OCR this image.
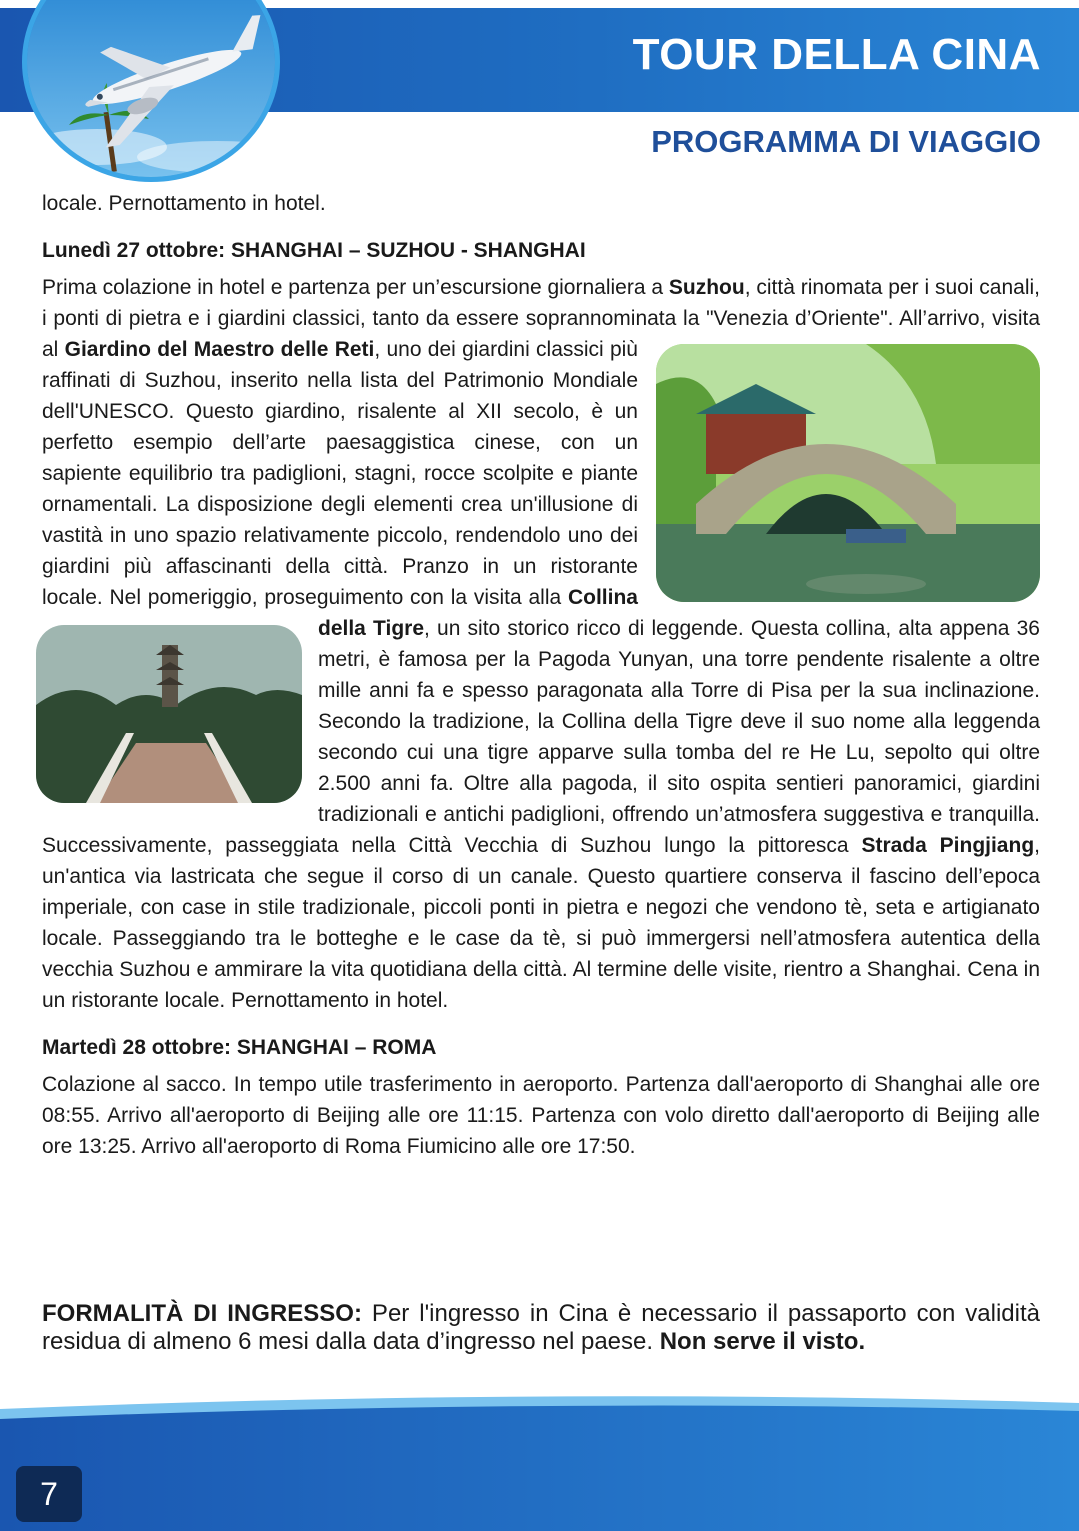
TOUR DELLA CINA
PROGRAMMA DI VIAGGIO

locale. Pernottamento in hotel.

Lunedì 27 ottobre: SHANGHAI – SUZHOU - SHANGHAI

Prima colazione in hotel e partenza per un’escursione giornaliera a Suzhou, città rinomata per i suoi canali, i ponti di pietra e i giardini classici, tanto da essere soprannominata la "Venezia d’Oriente". All’arrivo, visita al Giardino del Maestro delle Reti
, uno dei giardini classici più raffinati di Suzhou, inserito nella lista del Patrimonio Mondiale dell'UNESCO. Questo giardino, risalente al XII secolo, è un perfetto esempio dell’arte paesaggistica cinese, con un sapiente equilibrio tra padiglioni, stagni, rocce scolpite e piante ornamentali. La disposizione degli elementi crea un'illusione di vastità in uno spazio relativamente piccolo, rendendolo uno dei giardini più affascinanti della città. Pranzo in un ristorante locale. Nel pomeriggio, proseguimento con la visita alla Collina della Tigre
, un sito storico ricco di leggende. Questa collina, alta appena 36 metri, è famosa per la Pagoda Yunyan, una torre pendente risalente a oltre mille anni fa e spesso paragonata alla Torre di Pisa per la sua inclinazione. Secondo la tradizione, la Collina della Tigre deve il suo nome alla leggenda secondo cui una tigre apparve sulla tomba del re He Lu, sepolto qui oltre 2.500 anni fa. Oltre alla pagoda, il sito ospita sentieri panoramici, giardini tradizionali e antichi padiglioni, offrendo un’atmosfera suggestiva e tranquilla. Successivamente, passeggiata nella Città Vecchia di Suzhou lungo la pittoresca Strada Pingjiang, un'antica via lastricata che segue il corso di un canale. Questo quartiere conserva il fascino dell’epoca imperiale, con case in stile tradizionale, piccoli ponti in pietra e negozi che vendono tè, seta e artigianato locale. Passeggiando tra le botteghe e le case da tè, si può immergersi nell’atmosfera autentica della vecchia Suzhou e ammirare la vita quotidiana della città. Al termine delle visite, rientro a Shanghai. Cena in un ristorante locale. Pernottamento in hotel.

Martedì 28 ottobre: SHANGHAI – ROMA

Colazione al sacco. In tempo utile trasferimento in aeroporto. Partenza dall'aeroporto di Shanghai alle ore 08:55. Arrivo all'aeroporto di Beijing alle ore 11:15. Partenza con volo diretto dall'aeroporto di Beijing alle ore 13:25. Arrivo all'aeroporto di Roma Fiumicino alle ore 17:50.

FORMALITÀ DI INGRESSO: Per l'ingresso in Cina è necessario il passaporto con validità residua di almeno 6 mesi dalla data d’ingresso nel paese. Non serve il visto.

7
